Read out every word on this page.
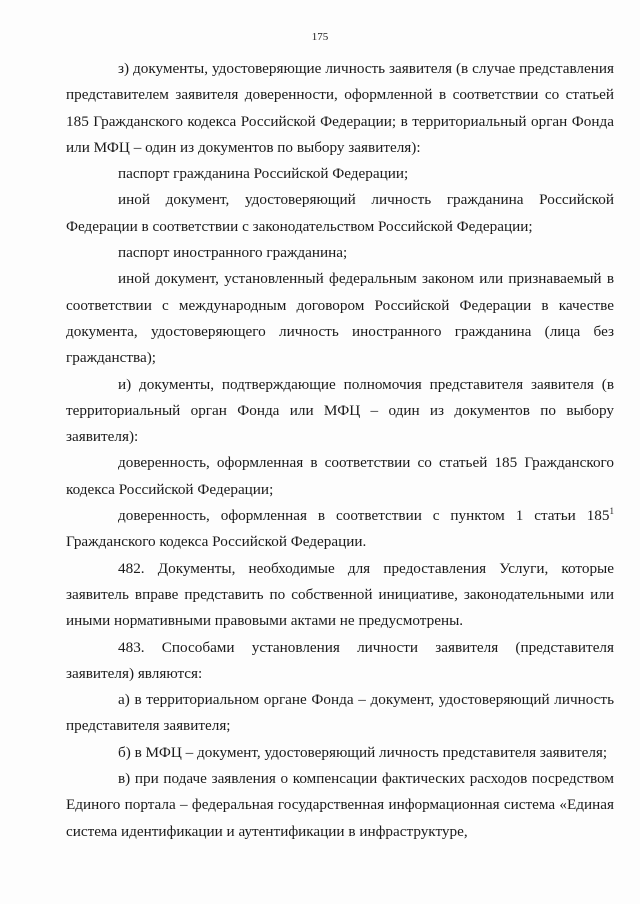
175

з) документы, удостоверяющие личность заявителя (в случае представления представителем заявителя доверенности, оформленной в соответствии со статьей 185 Гражданского кодекса Российской Федерации; в территориальный орган Фонда или МФЦ – один из документов по выбору заявителя):

паспорт гражданина Российской Федерации;

иной документ, удостоверяющий личность гражданина Российской Федерации в соответствии с законодательством Российской Федерации;

паспорт иностранного гражданина;

иной документ, установленный федеральным законом или признаваемый в соответствии с международным договором Российской Федерации в качестве документа, удостоверяющего личность иностранного гражданина (лица без гражданства);

и) документы, подтверждающие полномочия представителя заявителя (в территориальный орган Фонда или МФЦ – один из документов по выбору заявителя):

доверенность, оформленная в соответствии со статьей 185 Гражданского кодекса Российской Федерации;

доверенность, оформленная в соответствии с пунктом 1 статьи $185^1$ Гражданского кодекса Российской Федерации.

482. Документы, необходимые для предоставления Услуги, которые заявитель вправе представить по собственной инициативе, законодательными или иными нормативными правовыми актами не предусмотрены.

483. Способами установления личности заявителя (представителя заявителя) являются:

а) в территориальном органе Фонда – документ, удостоверяющий личность представителя заявителя;

б) в МФЦ – документ, удостоверяющий личность представителя заявителя;

в) при подаче заявления о компенсации фактических расходов посредством Единого портала – федеральная государственная информационная система «Единая система идентификации и аутентификации в инфраструктуре,
